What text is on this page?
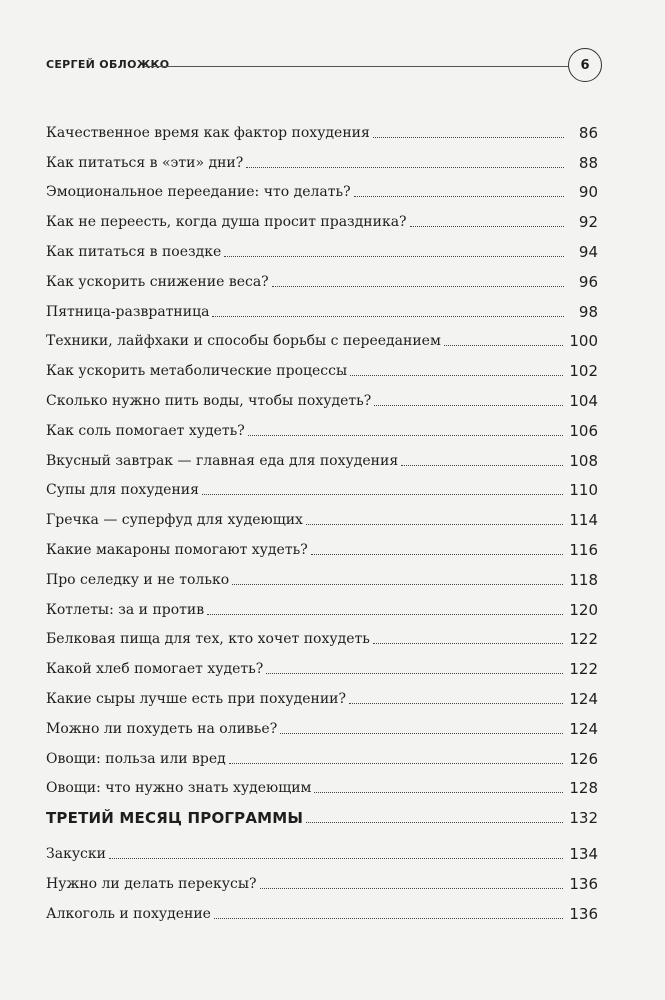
СЕРГЕЙ ОБЛОЖКО	6
Качественное время как фактор похудения	86
Как питаться в «эти» дни?	88
Эмоциональное переедание: что делать?	90
Как не переесть, когда душа просит праздника?	92
Как питаться в поездке	94
Как ускорить снижение веса?	96
Пятница-развратница	98
Техники, лайфхаки и способы борьбы с перееданием	100
Как ускорить метаболические процессы	102
Сколько нужно пить воды, чтобы похудеть?	104
Как соль помогает худеть?	106
Вкусный завтрак — главная еда для похудения	108
Супы для похудения	110
Гречка — суперфуд для худеющих	114
Какие макароны помогают худеть?	116
Про селедку и не только	118
Котлеты: за и против	120
Белковая пища для тех, кто хочет похудеть	122
Какой хлеб помогает худеть?	122
Какие сыры лучше есть при похудении?	124
Можно ли похудеть на оливье?	124
Овощи: польза или вред	126
Овощи: что нужно знать худеющим	128
ТРЕТИЙ МЕСЯЦ ПРОГРАММЫ	132
Закуски	134
Нужно ли делать перекусы?	136
Алкоголь и похудение	136
